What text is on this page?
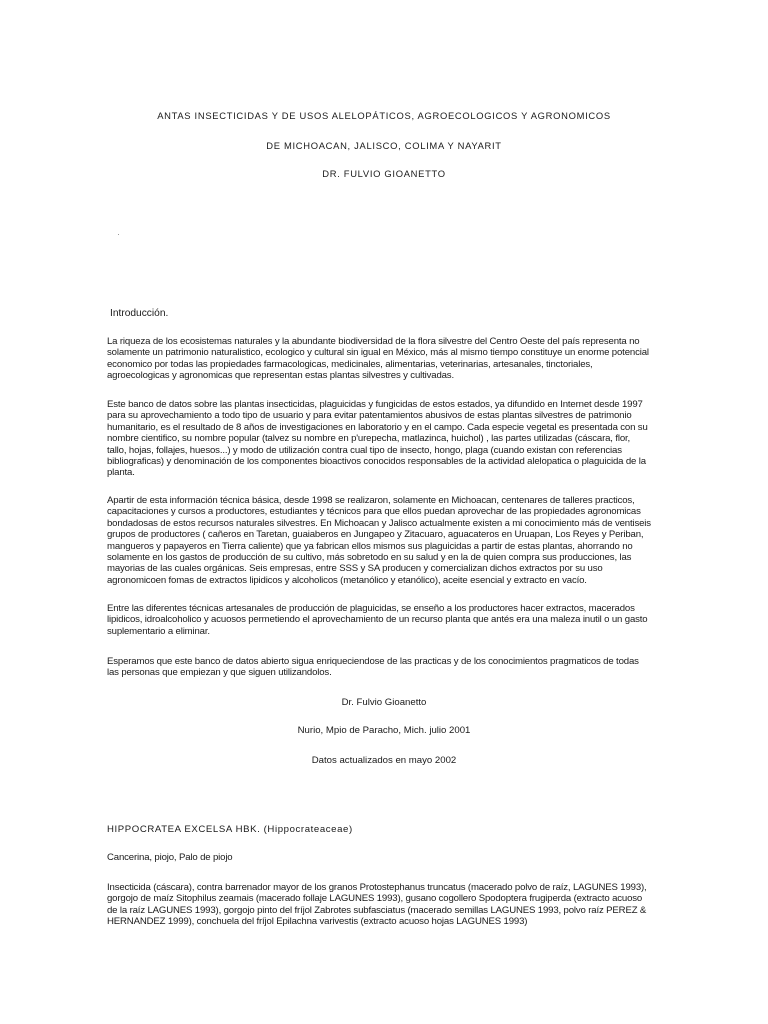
ANTAS INSECTICIDAS Y DE USOS ALELOPÁTICOS, AGROECOLOGICOS Y AGRONOMICOS
DE MICHOACAN, JALISCO, COLIMA Y NAYARIT
DR. FULVIO GIOANETTO
Introducción.
La riqueza de los ecosistemas naturales y la abundante biodiversidad de la flora silvestre del Centro Oeste del país representa no
solamente un patrimonio naturalistico, ecologico y cultural sin igual en México, más al mismo tiempo constituye un enorme potencial
economico por todas las propiedades farmacologicas, medicinales, alimentarias, veterinarias, artesanales, tinctoriales,
agroecologicas y agronomicas que representan estas plantas silvestres y cultivadas.
Este banco de datos sobre las plantas insecticidas, plaguicidas y fungicidas de estos estados, ya difundido en Internet desde 1997
para su aprovechamiento a todo tipo de usuario y para evitar patentamientos abusivos de estas plantas silvestres de patrimonio
humanitario, es el resultado de 8 años de investigaciones en laboratorio y en el campo. Cada especie vegetal es presentada con su
nombre cientifico, su nombre popular (talvez su nombre en p'urepecha, matlazinca, huichol) , las partes utilizadas (cáscara, flor,
tallo, hojas, follajes, huesos...) y modo de utilización contra cual tipo de insecto, hongo, plaga (cuando existan con referencias
bibliograficas) y denominación de los componentes bioactivos conocidos responsables de la actividad alelopatica o plaguicida de la
planta.
Apartir de esta información técnica básica, desde 1998 se realizaron, solamente en Michoacan, centenares de talleres practicos,
capacitaciones y cursos a productores, estudiantes y técnicos para que ellos puedan aprovechar de las propiedades agronomicas
bondadosas de estos recursos naturales silvestres. En Michoacan y Jalisco actualmente existen a mi conocimiento más de ventiseis
grupos de productores ( cañeros en Taretan, guaiaberos en Jungapeo y Zitacuaro, aguacateros en Uruapan, Los Reyes y Periban,
mangueros y papayeros en Tierra caliente) que ya fabrican ellos mismos sus plaguicidas a partir de estas plantas, ahorrando no
solamente en los gastos de producción de su cultivo, más sobretodo en su salud y en la de quien compra sus producciones, las
mayorias de las cuales orgánicas. Seis empresas, entre SSS y SA producen y comercializan dichos extractos por su uso
agronomicoen fomas de extractos lipidicos y alcoholicos (metanólico y etanólico), aceite esencial y extracto en vacío.
Entre las diferentes técnicas artesanales de producción de plaguicidas, se enseño a los productores hacer extractos, macerados
lipidicos, idroalcoholico y acuosos permetiendo el aprovechamiento de un recurso planta que antés era una maleza inutil o un gasto
suplementario a eliminar.
Esperamos que este banco de datos abierto sigua enriqueciendose de las practicas y de los conocimientos pragmaticos de todas
las personas que empiezan y que siguen utilizandolos.
Dr. Fulvio Gioanetto
Nurio, Mpio de Paracho, Mich. julio 2001
Datos actualizados en mayo 2002
HIPPOCRATEA EXCELSA HBK. (Hippocrateaceae)
Cancerina, piojo, Palo de piojo
Insecticida (cáscara), contra barrenador mayor de los granos Protostephanus truncatus (macerado polvo de raíz, LAGUNES 1993),
gorgojo de maíz Sitophilus zeamais (macerado follaje LAGUNES 1993), gusano cogollero Spodoptera frugiperda (extracto acuoso
de la raíz LAGUNES 1993), gorgojo pinto del fríjol Zabrotes subfasciatus (macerado semillas LAGUNES 1993, polvo raíz PEREZ &
HERNANDEZ 1999), conchuela del fríjol Epilachna varivestis (extracto acuoso hojas LAGUNES 1993)
